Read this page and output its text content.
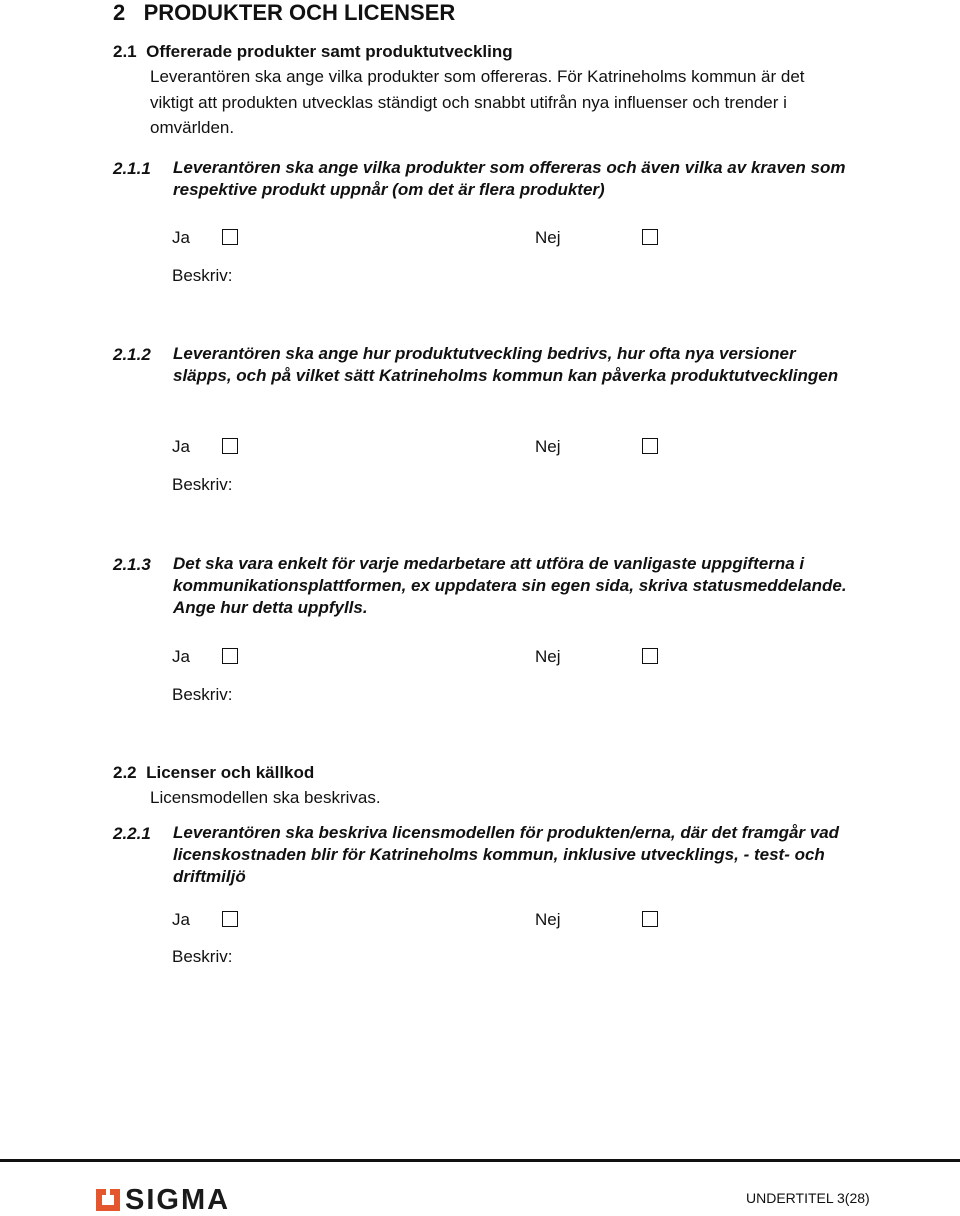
2 PRODUKTER OCH LICENSER
2.1 Offererade produkter samt produktutveckling
Leverantören ska ange vilka produkter som offereras. För Katrineholms kommun är det
viktigt att produkten utvecklas ständigt och snabbt utifrån nya influenser och trender i
omvärlden.
2.1.1 Leverantören ska ange vilka produkter som offereras och även vilka av kraven som respektive produkt uppnår (om det är flera produkter)
Ja	Nej
Beskriv:
2.1.2 Leverantören ska ange hur produktutveckling bedrivs, hur ofta nya versioner släpps, och på vilket sätt Katrineholms kommun kan påverka produktutvecklingen
Ja	Nej
Beskriv:
2.1.3 Det ska vara enkelt för varje medarbetare att utföra de vanligaste uppgifterna i kommunikationsplattformen, ex uppdatera sin egen sida, skriva statusmeddelande. Ange hur detta uppfylls.
Ja	Nej
Beskriv:
2.2 Licenser och källkod
Licensmodellen ska beskrivas.
2.2.1 Leverantören ska beskriva licensmodellen för produkten/erna, där det framgår vad licenskostnaden blir för Katrineholms kommun, inklusive utvecklings, - test- och driftmiljö
Ja	Nej
Beskriv:
SIGMA	UNDERTITEL 3(28)
